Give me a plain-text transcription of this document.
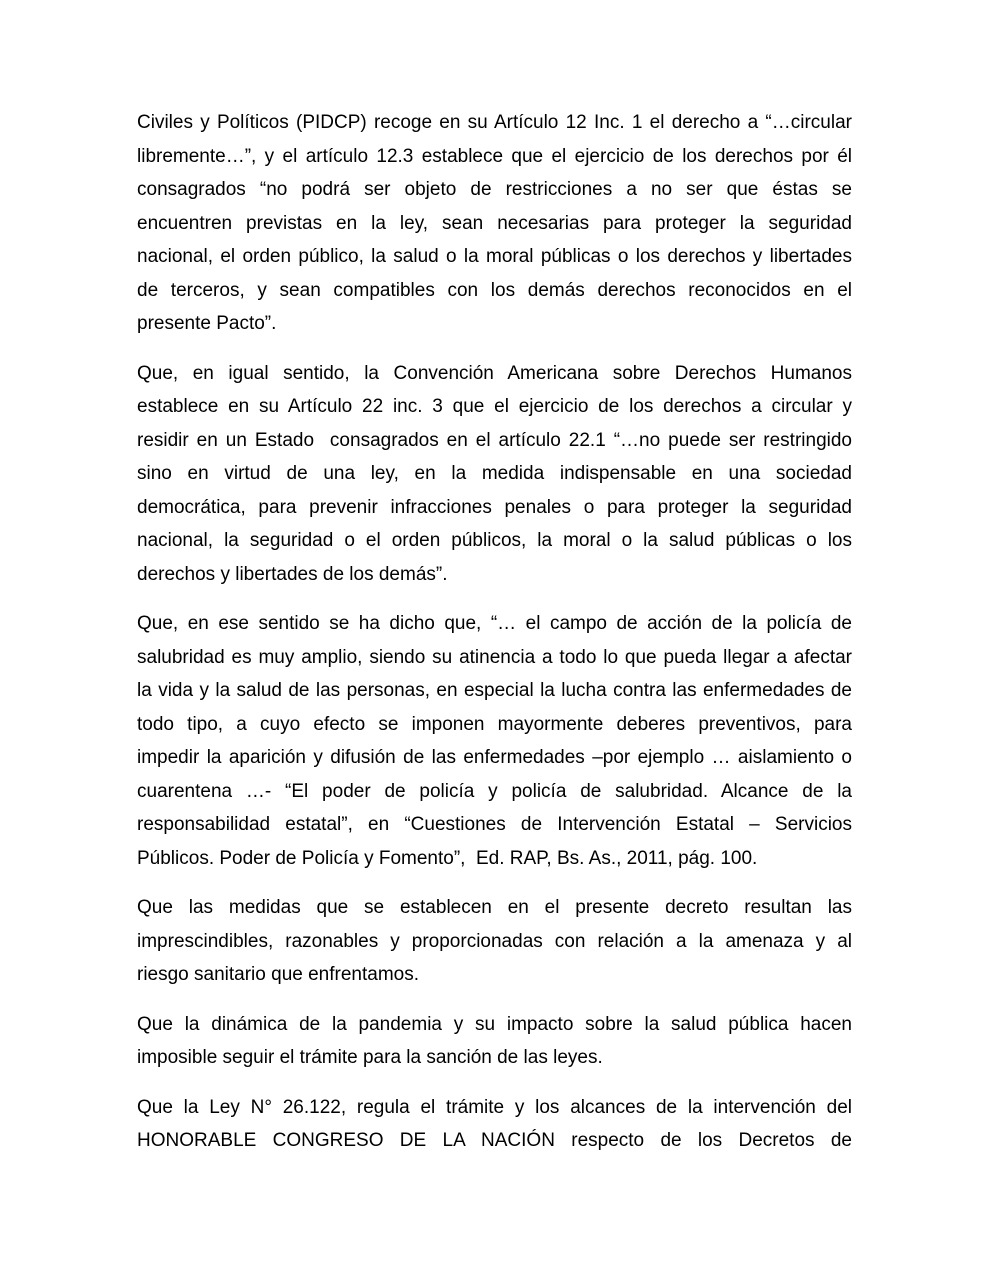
Civiles y Políticos (PIDCP) recoge en su Artículo 12 Inc. 1 el derecho a “…circular
libremente…”, y el artículo 12.3 establece que el ejercicio de los derechos por él
consagrados “no podrá ser objeto de restricciones a no ser que éstas se
encuentren previstas en la ley, sean necesarias para proteger la seguridad
nacional, el orden público, la salud o la moral públicas o los derechos y libertades
de terceros, y sean compatibles con los demás derechos reconocidos en el
presente Pacto”.
Que, en igual sentido, la Convención Americana sobre Derechos Humanos
establece en su Artículo 22 inc. 3 que el ejercicio de los derechos a circular y
residir en un Estado  consagrados en el artículo 22.1 “…no puede ser restringido
sino en virtud de una ley, en la medida indispensable en una sociedad
democrática, para prevenir infracciones penales o para proteger la seguridad
nacional, la seguridad o el orden públicos, la moral o la salud públicas o los
derechos y libertades de los demás”.
Que, en ese sentido se ha dicho que, “… el campo de acción de la policía de
salubridad es muy amplio, siendo su atinencia a todo lo que pueda llegar a afectar
la vida y la salud de las personas, en especial la lucha contra las enfermedades de
todo tipo, a cuyo efecto se imponen mayormente deberes preventivos, para
impedir la aparición y difusión de las enfermedades –por ejemplo … aislamiento o
cuarentena …- “El poder de policía y policía de salubridad. Alcance de la
responsabilidad estatal”, en “Cuestiones de Intervención Estatal – Servicios
Públicos. Poder de Policía y Fomento”,  Ed. RAP, Bs. As., 2011, pág. 100.
Que las medidas que se establecen en el presente decreto resultan las
imprescindibles, razonables y proporcionadas con relación a la amenaza y al
riesgo sanitario que enfrentamos.
Que la dinámica de la pandemia y su impacto sobre la salud pública hacen
imposible seguir el trámite para la sanción de las leyes.
Que la Ley N° 26.122, regula el trámite y los alcances de la intervención del
HONORABLE CONGRESO DE LA NACIÓN respecto de los Decretos de
